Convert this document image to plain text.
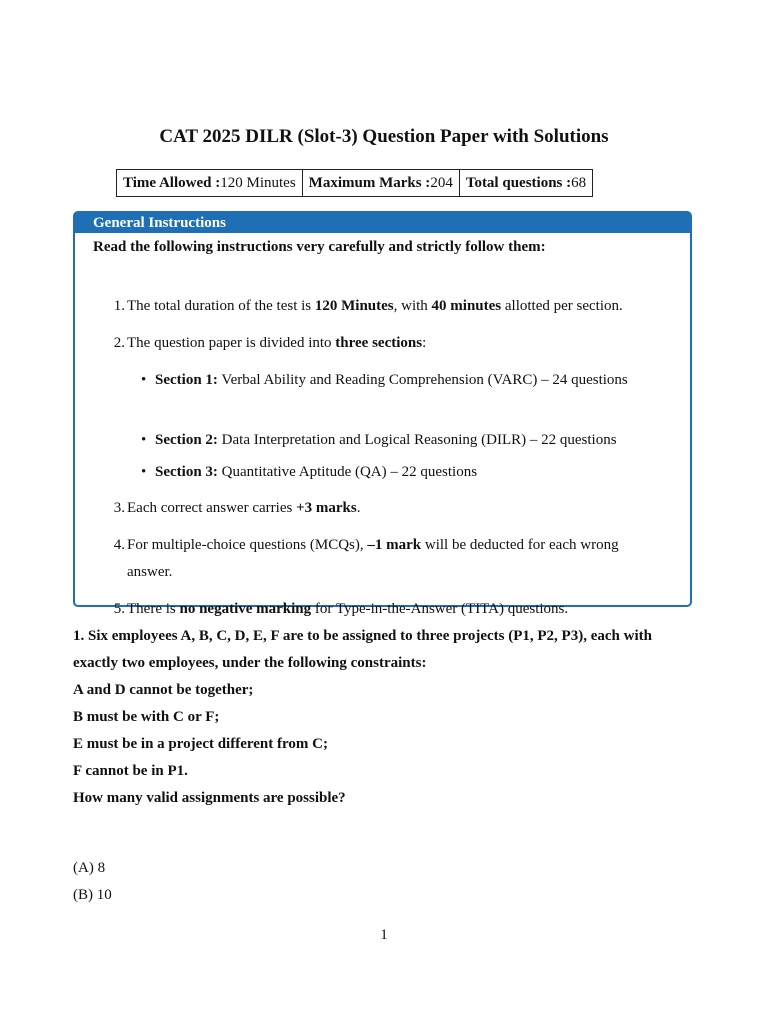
CAT 2025 DILR (Slot-3) Question Paper with Solutions
Time Allowed :120 Minutes	Maximum Marks :204	Total questions :68
General Instructions
Read the following instructions very carefully and strictly follow them:
1. The total duration of the test is 120 Minutes, with 40 minutes allotted per section.
2. The question paper is divided into three sections:
• Section 1: Verbal Ability and Reading Comprehension (VARC) – 24 questions
• Section 2: Data Interpretation and Logical Reasoning (DILR) – 22 questions
• Section 3: Quantitative Aptitude (QA) – 22 questions
3. Each correct answer carries +3 marks.
4. For multiple-choice questions (MCQs), –1 mark will be deducted for each wrong answer.
5. There is no negative marking for Type-in-the-Answer (TITA) questions.
1. Six employees A, B, C, D, E, F are to be assigned to three projects (P1, P2, P3), each with exactly two employees, under the following constraints:
A and D cannot be together;
B must be with C or F;
E must be in a project different from C;
F cannot be in P1.
How many valid assignments are possible?
(A) 8
(B) 10
1
